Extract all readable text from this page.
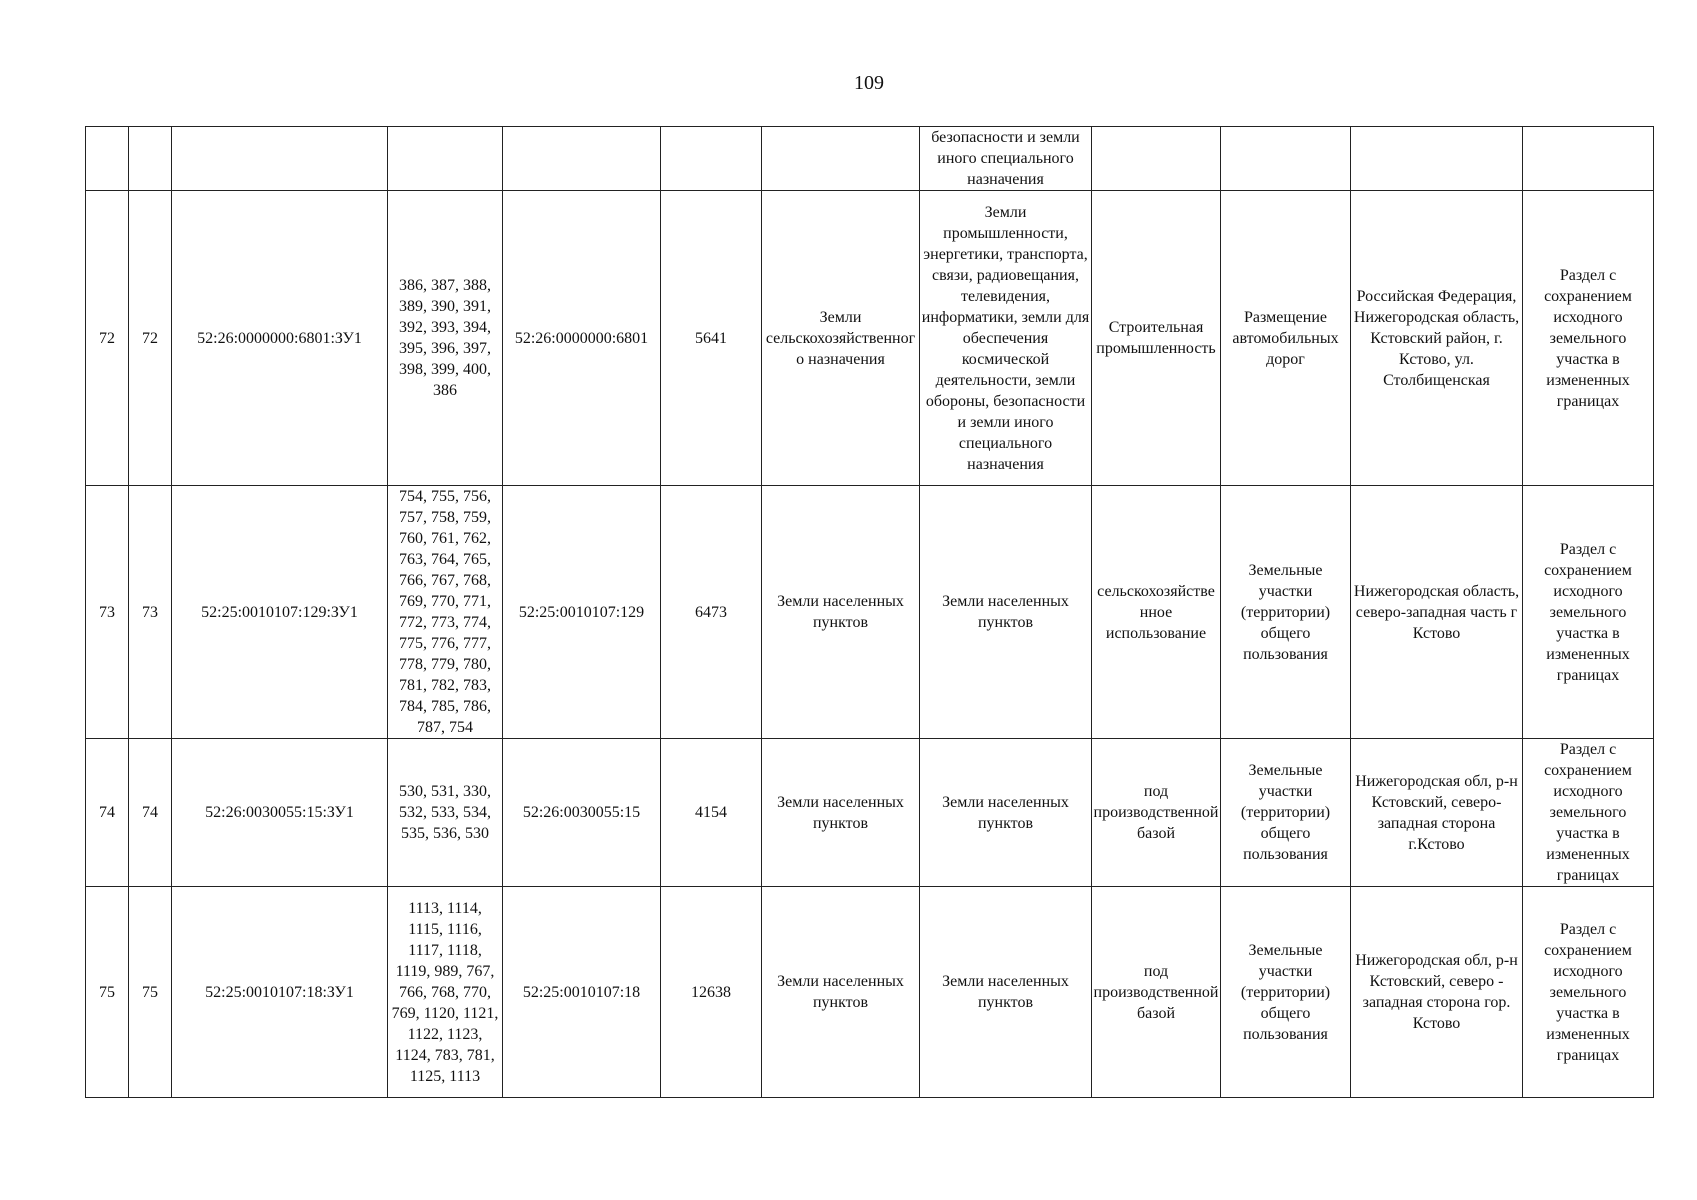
109
							безопасности и земли иного специального назначения				
72	72	52:26:0000000:6801:ЗУ1	386, 387, 388, 389, 390, 391, 392, 393, 394, 395, 396, 397, 398, 399, 400, 386	52:26:0000000:6801	5641	Земли сельскохозяйственного назначения	Земли промышленности, энергетики, транспорта, связи, радиовещания, телевидения, информатики, земли для обеспечения космической деятельности, земли обороны, безопасности и земли иного специального назначения	Строительная промышленность	Размещение автомобильных дорог	Российская Федерация, Нижегородская область, Кстовский район, г. Кстово, ул. Столбищенская	Раздел с сохранением исходного земельного участка в измененных границах
73	73	52:25:0010107:129:ЗУ1	754, 755, 756, 757, 758, 759, 760, 761, 762, 763, 764, 765, 766, 767, 768, 769, 770, 771, 772, 773, 774, 775, 776, 777, 778, 779, 780, 781, 782, 783, 784, 785, 786, 787, 754	52:25:0010107:129	6473	Земли населенных пунктов	Земли населенных пунктов	сельскохозяйственное использование	Земельные участки (территории) общего пользования	Нижегородская область, северо-западная часть г Кстово	Раздел с сохранением исходного земельного участка в измененных границах
74	74	52:26:0030055:15:ЗУ1	530, 531, 330, 532, 533, 534, 535, 536, 530	52:26:0030055:15	4154	Земли населенных пунктов	Земли населенных пунктов	под производственной базой	Земельные участки (территории) общего пользования	Нижегородская обл, р-н Кстовский, северо-западная сторона г.Кстово	Раздел с сохранением исходного земельного участка в измененных границах
75	75	52:25:0010107:18:ЗУ1	1113, 1114, 1115, 1116, 1117, 1118, 1119, 989, 767, 766, 768, 770, 769, 1120, 1121, 1122, 1123, 1124, 783, 781, 1125, 1113	52:25:0010107:18	12638	Земли населенных пунктов	Земли населенных пунктов	под производственной базой	Земельные участки (территории) общего пользования	Нижегородская обл, р-н Кстовский, северо - западная сторона гор. Кстово	Раздел с сохранением исходного земельного участка в измененных границах
